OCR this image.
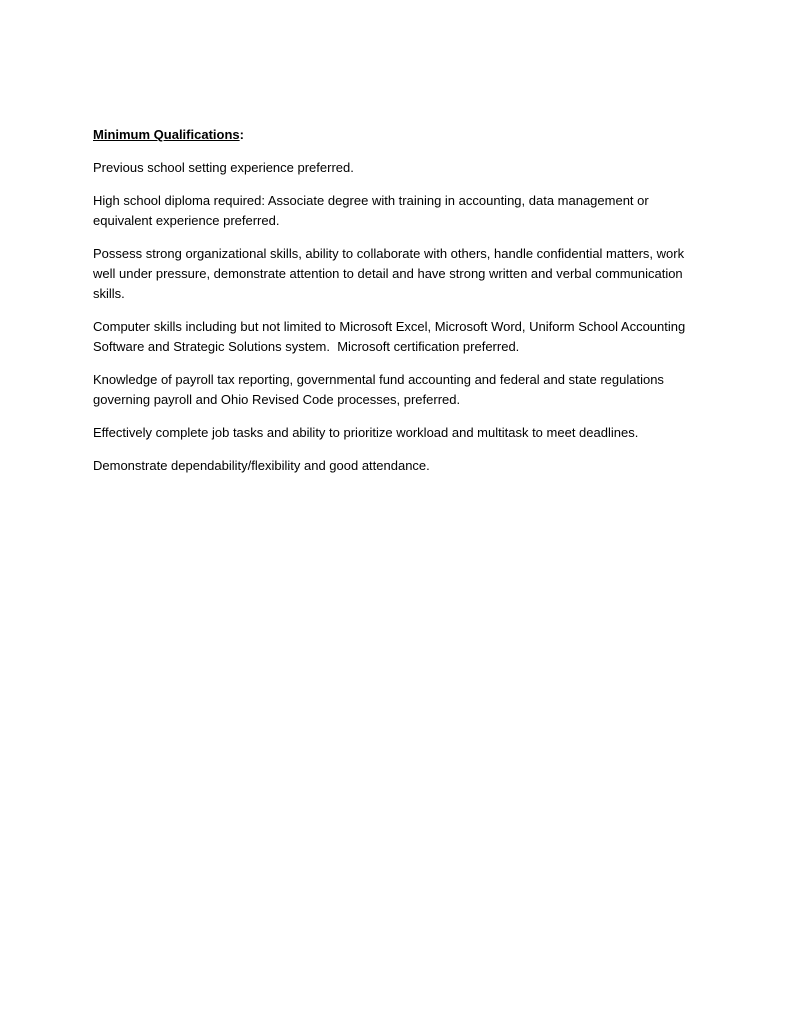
Minimum Qualifications:

Previous school setting experience preferred.

High school diploma required: Associate degree with training in accounting, data management or equivalent experience preferred.

Possess strong organizational skills, ability to collaborate with others, handle confidential matters, work well under pressure, demonstrate attention to detail and have strong written and verbal communication skills.

Computer skills including but not limited to Microsoft Excel, Microsoft Word, Uniform School Accounting Software and Strategic Solutions system.  Microsoft certification preferred.

Knowledge of payroll tax reporting, governmental fund accounting and federal and state regulations governing payroll and Ohio Revised Code processes, preferred.

Effectively complete job tasks and ability to prioritize workload and multitask to meet deadlines.

Demonstrate dependability/flexibility and good attendance.
